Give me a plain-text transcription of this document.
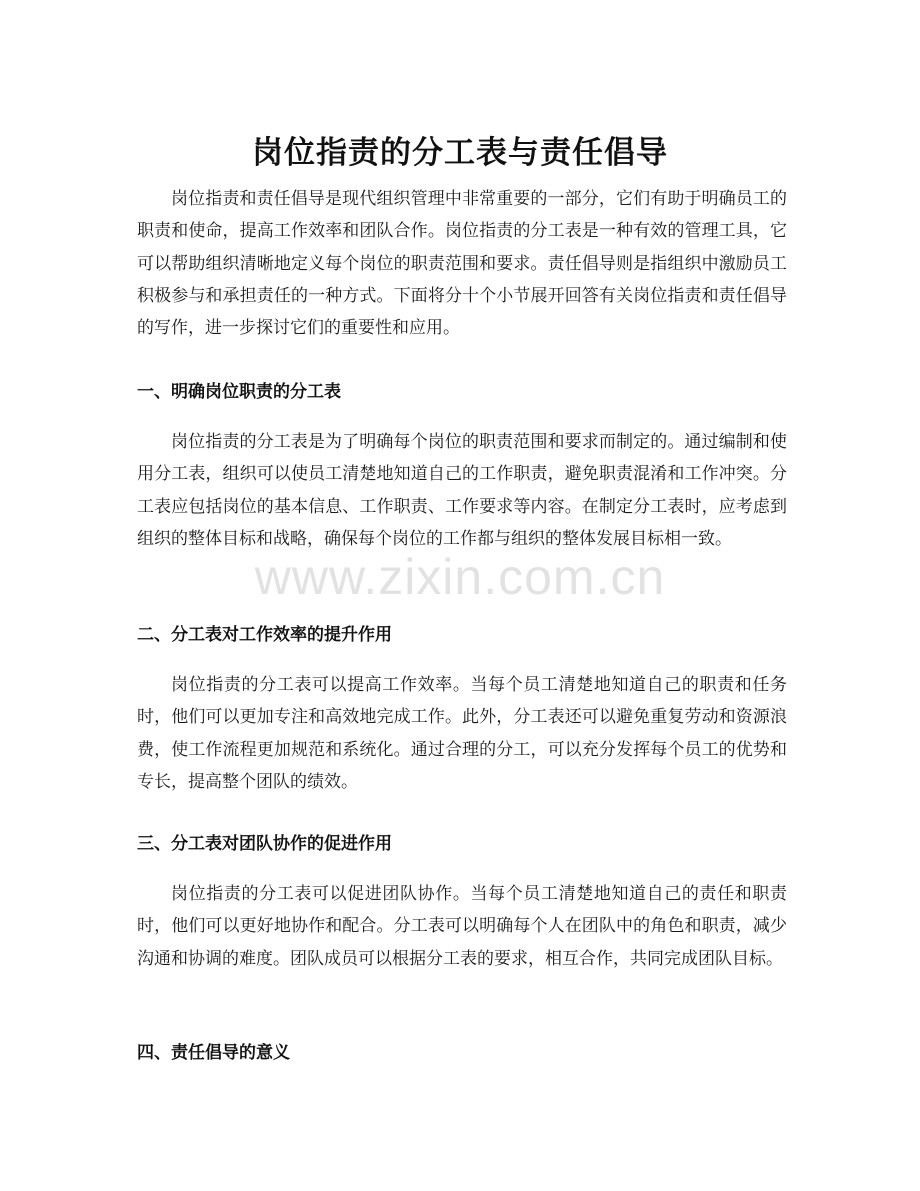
岗位指责的分工表与责任倡导

岗位指责和责任倡导是现代组织管理中非常重要的一部分，它们有助于明确员工的职责和使命，提高工作效率和团队合作。岗位指责的分工表是一种有效的管理工具，它可以帮助组织清晰地定义每个岗位的职责范围和要求。责任倡导则是指组织中激励员工积极参与和承担责任的一种方式。下面将分十个小节展开回答有关岗位指责和责任倡导的写作，进一步探讨它们的重要性和应用。

一、明确岗位职责的分工表

岗位指责的分工表是为了明确每个岗位的职责范围和要求而制定的。通过编制和使用分工表，组织可以使员工清楚地知道自己的工作职责，避免职责混淆和工作冲突。分工表应包括岗位的基本信息、工作职责、工作要求等内容。在制定分工表时，应考虑到组织的整体目标和战略，确保每个岗位的工作都与组织的整体发展目标相一致。

二、分工表对工作效率的提升作用

岗位指责的分工表可以提高工作效率。当每个员工清楚地知道自己的职责和任务时，他们可以更加专注和高效地完成工作。此外，分工表还可以避免重复劳动和资源浪费，使工作流程更加规范和系统化。通过合理的分工，可以充分发挥每个员工的优势和专长，提高整个团队的绩效。

三、分工表对团队协作的促进作用

岗位指责的分工表可以促进团队协作。当每个员工清楚地知道自己的责任和职责时，他们可以更好地协作和配合。分工表可以明确每个人在团队中的角色和职责，减少沟通和协调的难度。团队成员可以根据分工表的要求，相互合作，共同完成团队目标。

四、责任倡导的意义
www.zixin.com.cn
